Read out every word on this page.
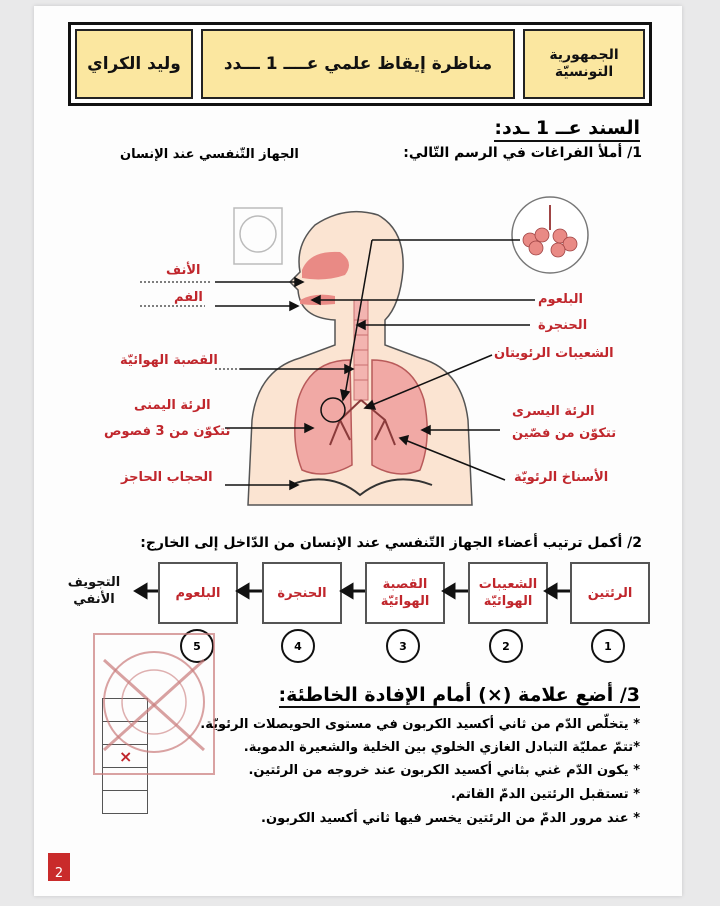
الجمهورية التونسيّة
مناظرة إيقاظ علمي عــــ 1 ـــدد
وليد الكراي
السند عــ 1 ـدد:
1/ أملأ الفراغات في الرسم التّالي:
الجهاز التّنفسي عند الإنسان
الأنف
الفم
القصبة الهوائيّة
الرئة اليمنى
تتكوّن من 3 فصوص
الحجاب الحاجز
البلعوم
الحنجرة
الشعيبات الرئويتان
الرئة اليسرى
تتكوّن من فصّين
الأسناخ الرئويّة
2/ أكمل ترتيب أعضاء الجهاز التّنفسي عند الإنسان من الدّاخل إلى الخارج:
الرئتين
الشعيبات الهوائيّة
القصبة الهوائيّة
الحنجرة
البلعوم
التجويف الأنفي
1
2
3
4
5
3/ أضع علامة (×) أمام الإفادة الخاطئة:
* يتخلّص الدّم من ثاني أكسيد الكربون في مستوى الحويصلات الرئويّة.
*تتمّ عمليّة التبادل الغازي الخلوي بين الخلية والشعيرة الدموية.
* يكون الدّم غني بثاني أكسيد الكربون عند خروجه من الرئتين.
* تستقبل الرئتين الدمّ القاتم.
* عند مرور الدمّ من الرئتين يخسر فيها ثاني أكسيد الكربون.
×
2
